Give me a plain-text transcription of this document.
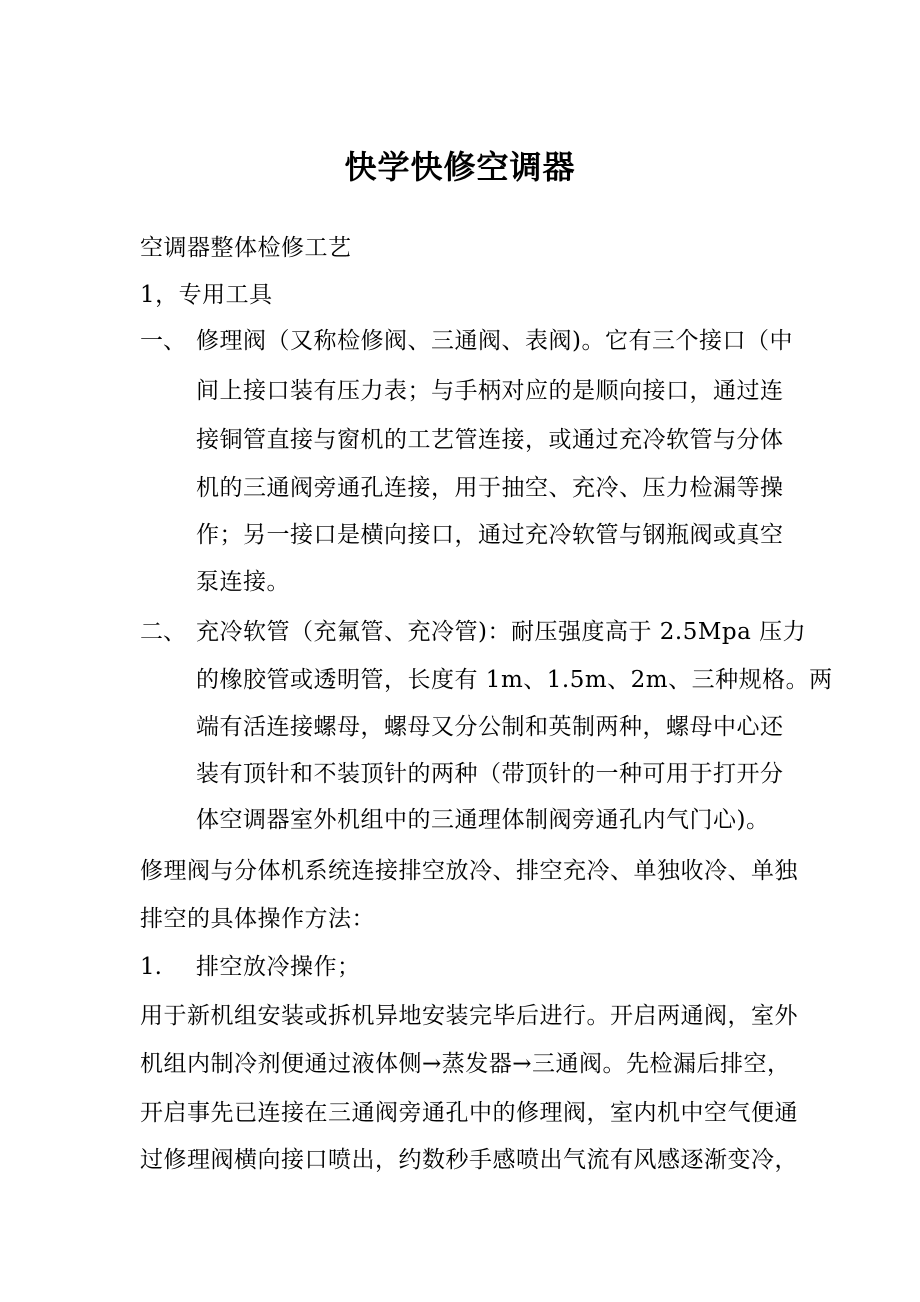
快学快修空调器
空调器整体检修工艺
1，专用工具
一、 修理阀（又称检修阀、三通阀、表阀)。它有三个接口（中
间上接口装有压力表；与手柄对应的是顺向接口，通过连
接铜管直接与窗机的工艺管连接，或通过充冷软管与分体
机的三通阀旁通孔连接，用于抽空、充冷、压力检漏等操
作；另一接口是横向接口，通过充冷软管与钢瓶阀或真空
泵连接。
二、 充冷软管（充氟管、充冷管)：耐压强度高于 2.5Mpa 压力
的橡胶管或透明管，长度有 1m、1.5m、2m、三种规格。两
端有活连接螺母，螺母又分公制和英制两种，螺母中心还
装有顶针和不装顶针的两种（带顶针的一种可用于打开分
体空调器室外机组中的三通理体制阀旁通孔内气门心)。
修理阀与分体机系统连接排空放冷、排空充冷、单独收冷、单独
排空的具体操作方法：
1. 排空放冷操作；
用于新机组安装或拆机异地安装完毕后进行。开启两通阀，室外
机组内制冷剂便通过液体侧→蒸发器→三通阀。先检漏后排空，
开启事先已连接在三通阀旁通孔中的修理阀，室内机中空气便通
过修理阀横向接口喷出，约数秒手感喷出气流有风感逐渐变冷，
